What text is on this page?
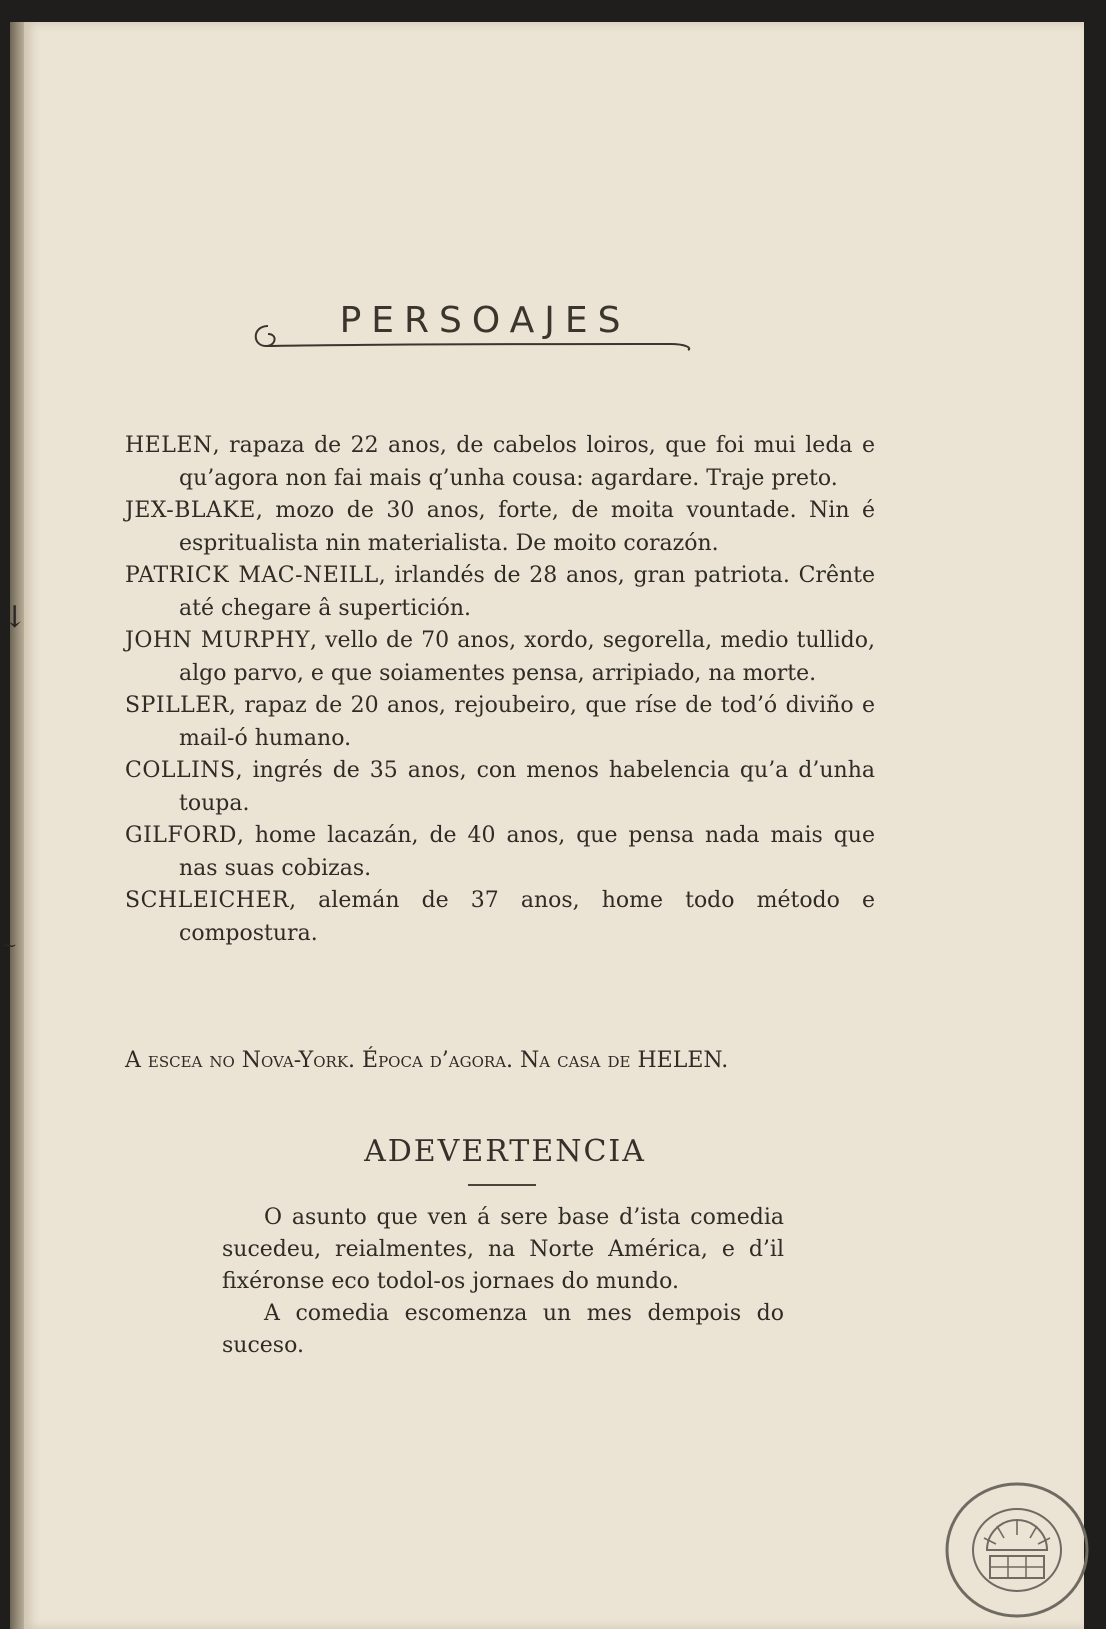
↓
~
PERSOAJES

HELEN, rapaza de 22 anos, de cabelos loiros, que foi mui leda e qu’agora non fai mais q’unha cousa: agardare. Traje preto.

JEX-BLAKE, mozo de 30 anos, forte, de moita vountade. Nin é espritualista nin materialista. De moito corazón.

PATRICK MAC-NEILL, irlandés de 28 anos, gran patriota. Crênte até chegare â supertición.

JOHN MURPHY, vello de 70 anos, xordo, segorella, medio tullido, algo parvo, e que soiamentes pensa, arripiado, na morte.

SPILLER, rapaz de 20 anos, rejoubeiro, que ríse de tod’ó diviño e mail-ó humano.

COLLINS, ingrés de 35 anos, con menos habelencia qu’a d’unha toupa.

GILFORD, home lacazán, de 40 anos, que pensa nada mais que nas suas cobizas.

SCHLEICHER, alemán de 37 anos, home todo método e compostura.

A escea no Nova-York. Época d’agora. Na casa de HELEN.
ADEVERTENCIA

O asunto que ven á sere base d’ista comedia sucedeu, reialmentes, na Norte América, e d’il fixéronse eco todol-os jornaes do mundo.

A comedia escomenza un mes dempois do suceso.
